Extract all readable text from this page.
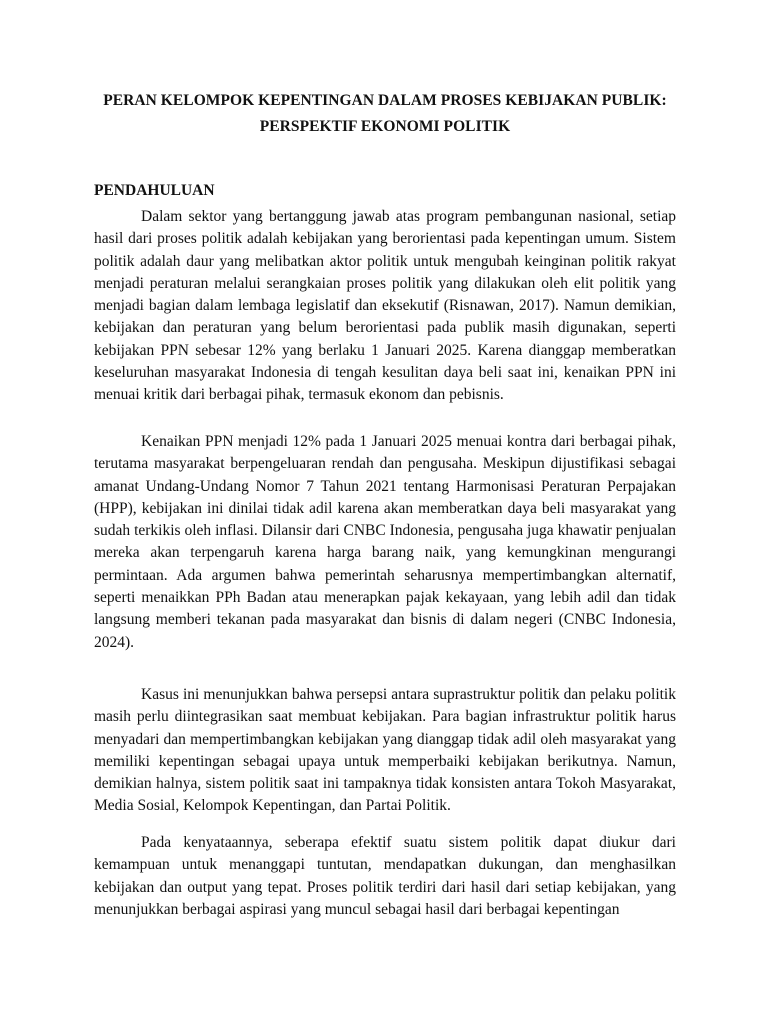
PERAN KELOMPOK KEPENTINGAN DALAM PROSES KEBIJAKAN PUBLIK:
PERSPEKTIF EKONOMI POLITIK
PENDAHULUAN

Dalam sektor yang bertanggung jawab atas program pembangunan nasional, setiap hasil dari proses politik adalah kebijakan yang berorientasi pada kepentingan umum. Sistem politik adalah daur yang melibatkan aktor politik untuk mengubah keinginan politik rakyat menjadi peraturan melalui serangkaian proses politik yang dilakukan oleh elit politik yang menjadi bagian dalam lembaga legislatif dan eksekutif (Risnawan, 2017). Namun demikian, kebijakan dan peraturan yang belum berorientasi pada publik masih digunakan, seperti kebijakan PPN sebesar 12% yang berlaku 1 Januari 2025. Karena dianggap memberatkan keseluruhan masyarakat Indonesia di tengah kesulitan daya beli saat ini, kenaikan PPN ini menuai kritik dari berbagai pihak, termasuk ekonom dan pebisnis.

Kenaikan PPN menjadi 12% pada 1 Januari 2025 menuai kontra dari berbagai pihak, terutama masyarakat berpengeluaran rendah dan pengusaha. Meskipun dijustifikasi sebagai amanat Undang-Undang Nomor 7 Tahun 2021 tentang Harmonisasi Peraturan Perpajakan (HPP), kebijakan ini dinilai tidak adil karena akan memberatkan daya beli masyarakat yang sudah terkikis oleh inflasi. Dilansir dari CNBC Indonesia, pengusaha juga khawatir penjualan mereka akan terpengaruh karena harga barang naik, yang kemungkinan mengurangi permintaan. Ada argumen bahwa pemerintah seharusnya mempertimbangkan alternatif, seperti menaikkan PPh Badan atau menerapkan pajak kekayaan, yang lebih adil dan tidak langsung memberi tekanan pada masyarakat dan bisnis di dalam negeri (CNBC Indonesia, 2024).

Kasus ini menunjukkan bahwa persepsi antara suprastruktur politik dan pelaku politik masih perlu diintegrasikan saat membuat kebijakan. Para bagian infrastruktur politik harus menyadari dan mempertimbangkan kebijakan yang dianggap tidak adil oleh masyarakat yang memiliki kepentingan sebagai upaya untuk memperbaiki kebijakan berikutnya. Namun, demikian halnya, sistem politik saat ini tampaknya tidak konsisten antara Tokoh Masyarakat, Media Sosial, Kelompok Kepentingan, dan Partai Politik.

Pada kenyataannya, seberapa efektif suatu sistem politik dapat diukur dari kemampuan untuk menanggapi tuntutan, mendapatkan dukungan, dan menghasilkan kebijakan dan output yang tepat. Proses politik terdiri dari hasil dari setiap kebijakan, yang menunjukkan berbagai aspirasi yang muncul sebagai hasil dari berbagai kepentingan
